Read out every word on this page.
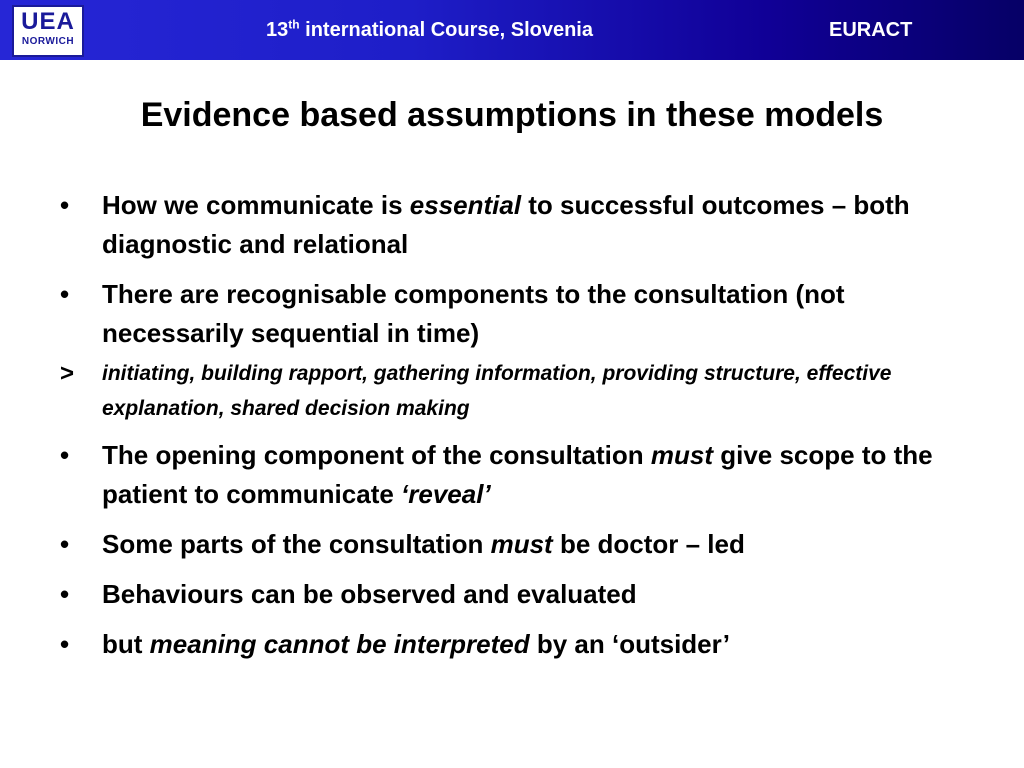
UEA
NORWICH
13th international Course, Slovenia	EURACT
Evidence based assumptions in these models
• How we communicate is essential to successful outcomes – both diagnostic and relational
• There are recognisable components to the consultation (not necessarily sequential in time)
> initiating, building rapport, gathering information, providing structure, effective explanation, shared decision making
• The opening component of the consultation must give scope to the patient to communicate ‘reveal’
• Some parts of the consultation must be doctor – led
• Behaviours can be observed and evaluated
• but meaning cannot be interpreted by an ‘outsider’
